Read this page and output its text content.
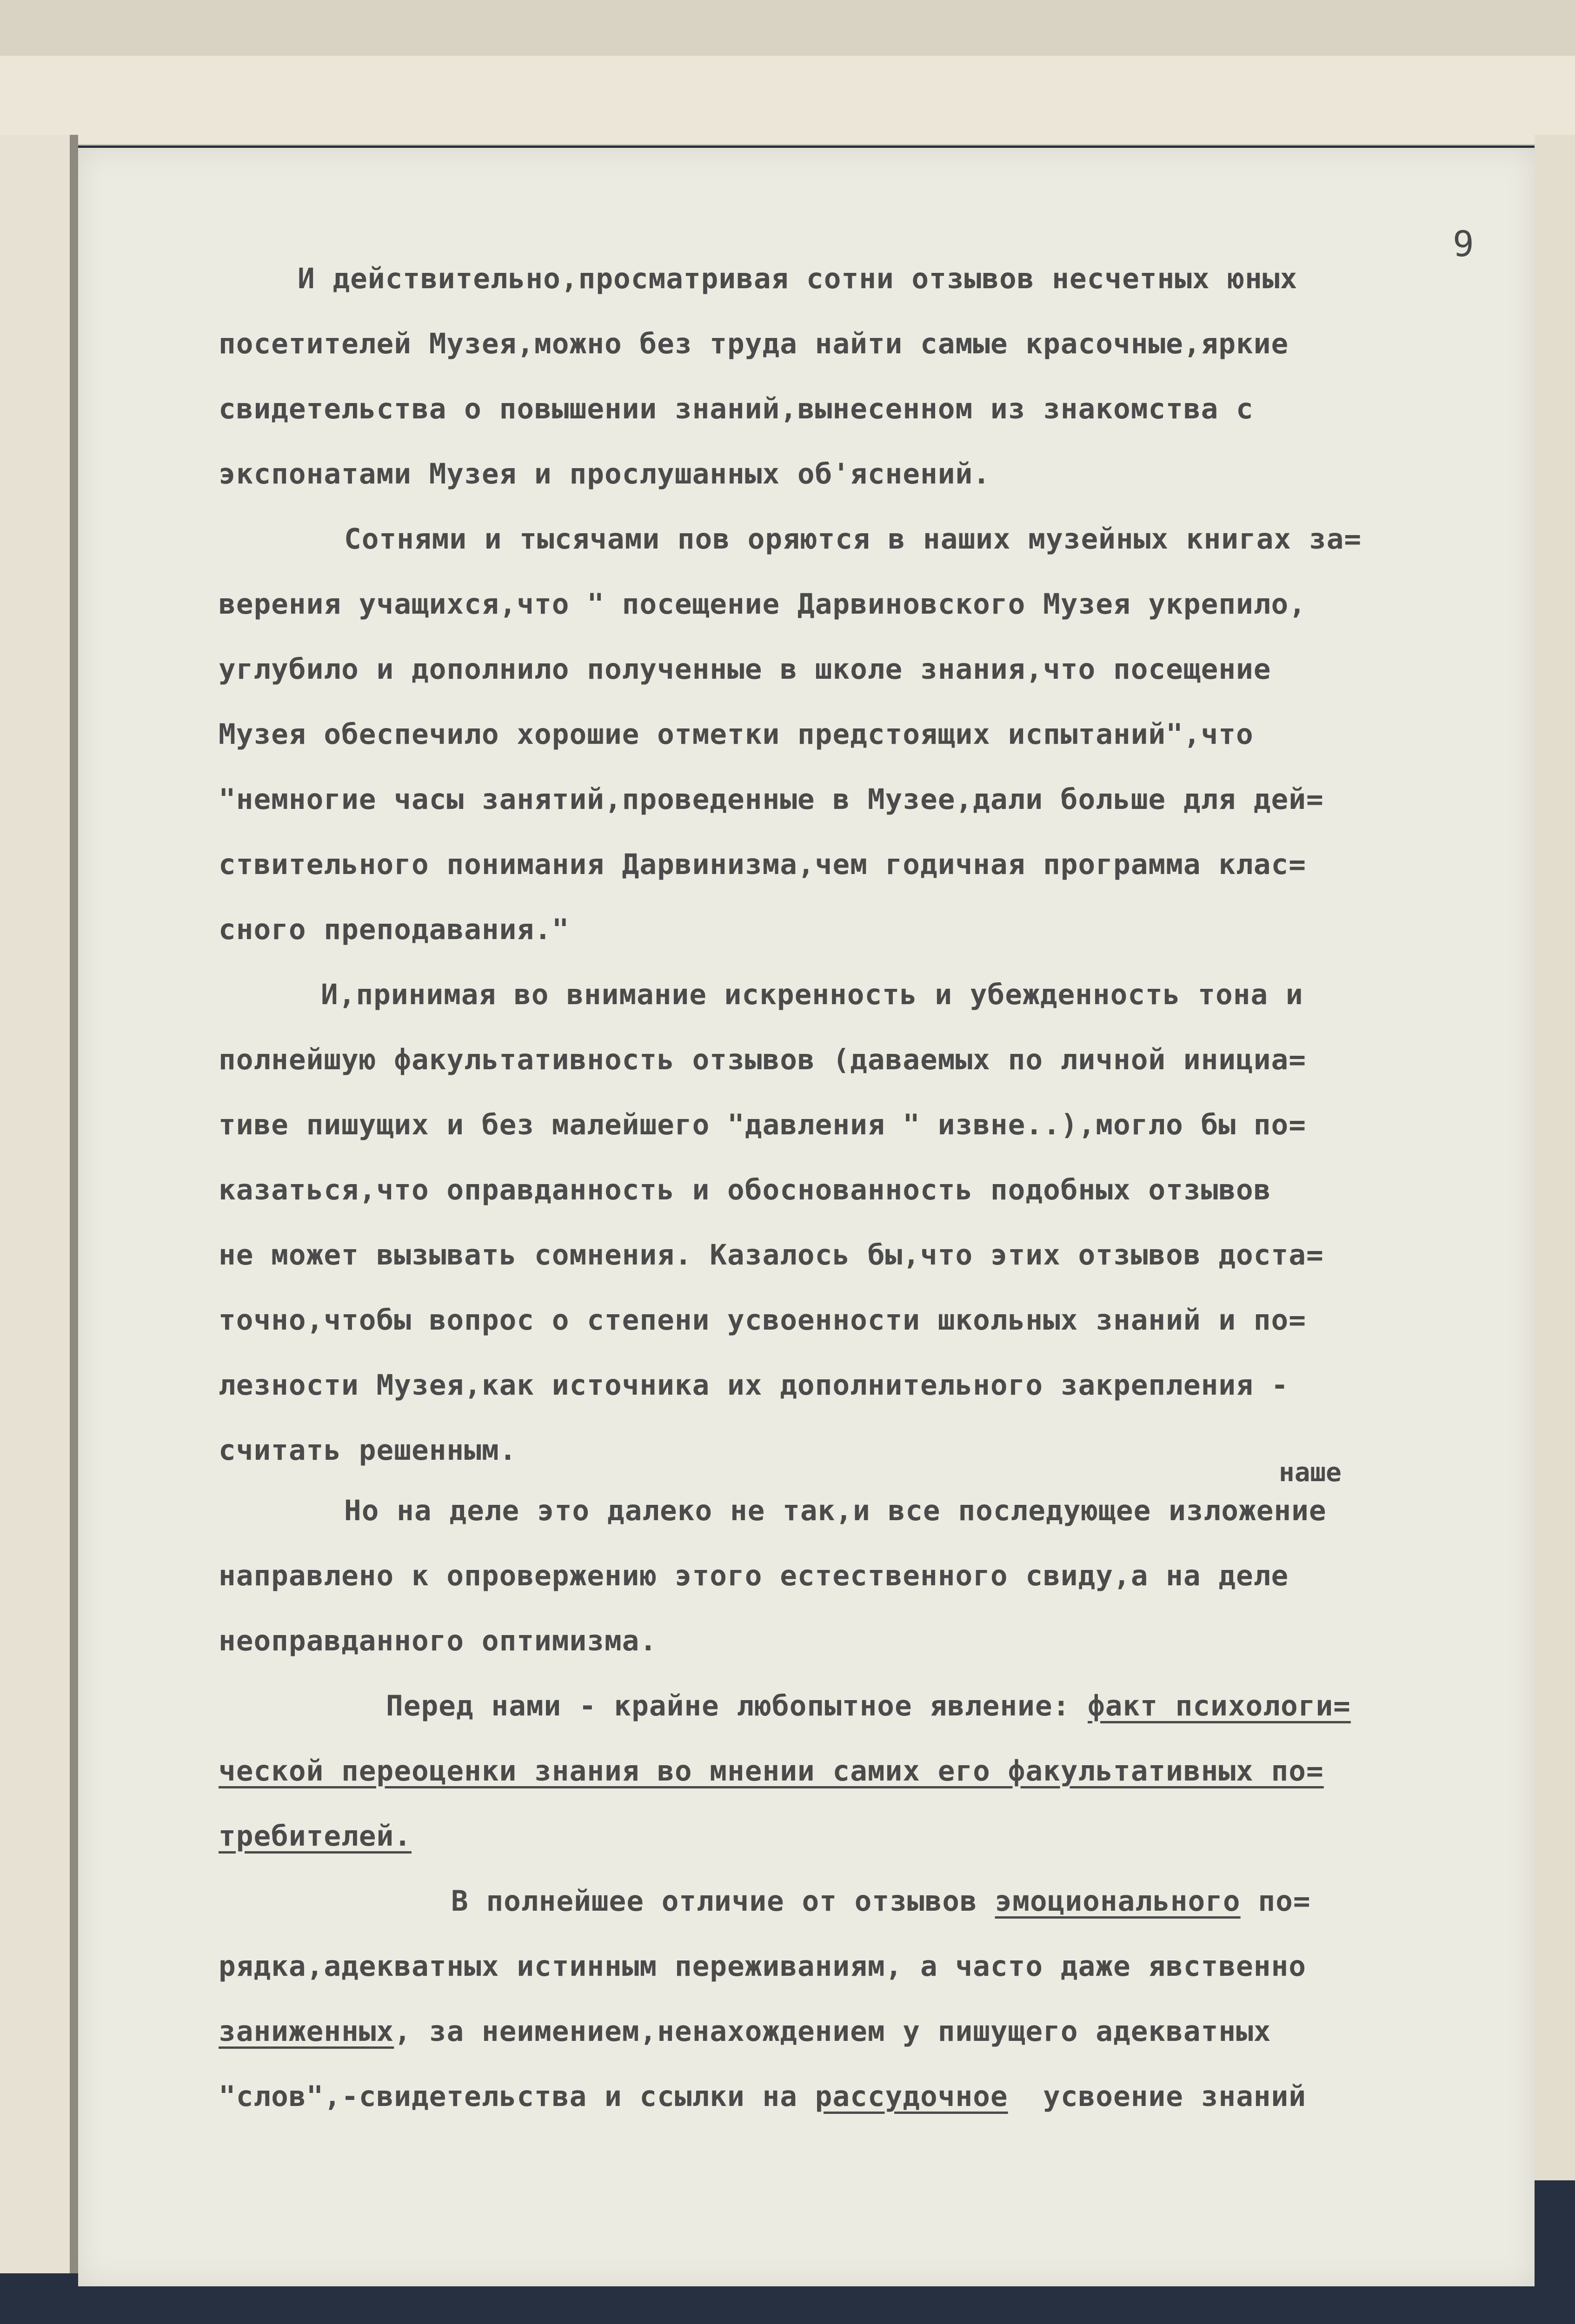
9
И действительно,просматривая сотни отзывов несчетных юных
посетителей Музея,можно без труда найти самые красочные,яркие
свидетельства о повышении знаний,вынесенном из знакомства с
экспонатами Музея и прослушанных об'яснений.
Сотнями и тысячами пов оряются в наших музейных книгах за=
верения учащихся,что " посещение Дарвиновского Музея укрепило,
углубило и дополнило полученные в школе знания,что посещение
Музея обеспечило хорошие отметки предстоящих испытаний",что
"немногие часы занятий,проведенные в Музее,дали больше для дей=
ствительного понимания Дарвинизма,чем годичная программа клас=
сного преподавания."
И,принимая во внимание искренность и убежденность тона и
полнейшую факультативность отзывов (даваемых по личной инициа=
тиве пишущих и без малейшего "давления " извне..),могло бы по=
казаться,что оправданность и обоснованность подобных отзывов
не может вызывать сомнения. Казалось бы,что этих отзывов доста=
точно,чтобы вопрос о степени усвоенности школьных знаний и по=
лезности Музея,как источника их дополнительного закрепления -
считать решенным.
наше
Но на деле это далеко не так,и все последующее изложение
направлено к опровержению этого естественного свиду,а на деле
неоправданного оптимизма.
Перед нами - крайне любопытное явление: факт психологи=
ческой переоценки знания во мнении самих его факультативных по=
требителей.
В полнейшее отличие от отзывов эмоционального по=
рядка,адекватных истинным переживаниям, а часто даже явственно
заниженных, за неимением,ненахождением у пишущего адекватных
"слов",-свидетельства и ссылки на рассудочное  усвоение знаний
